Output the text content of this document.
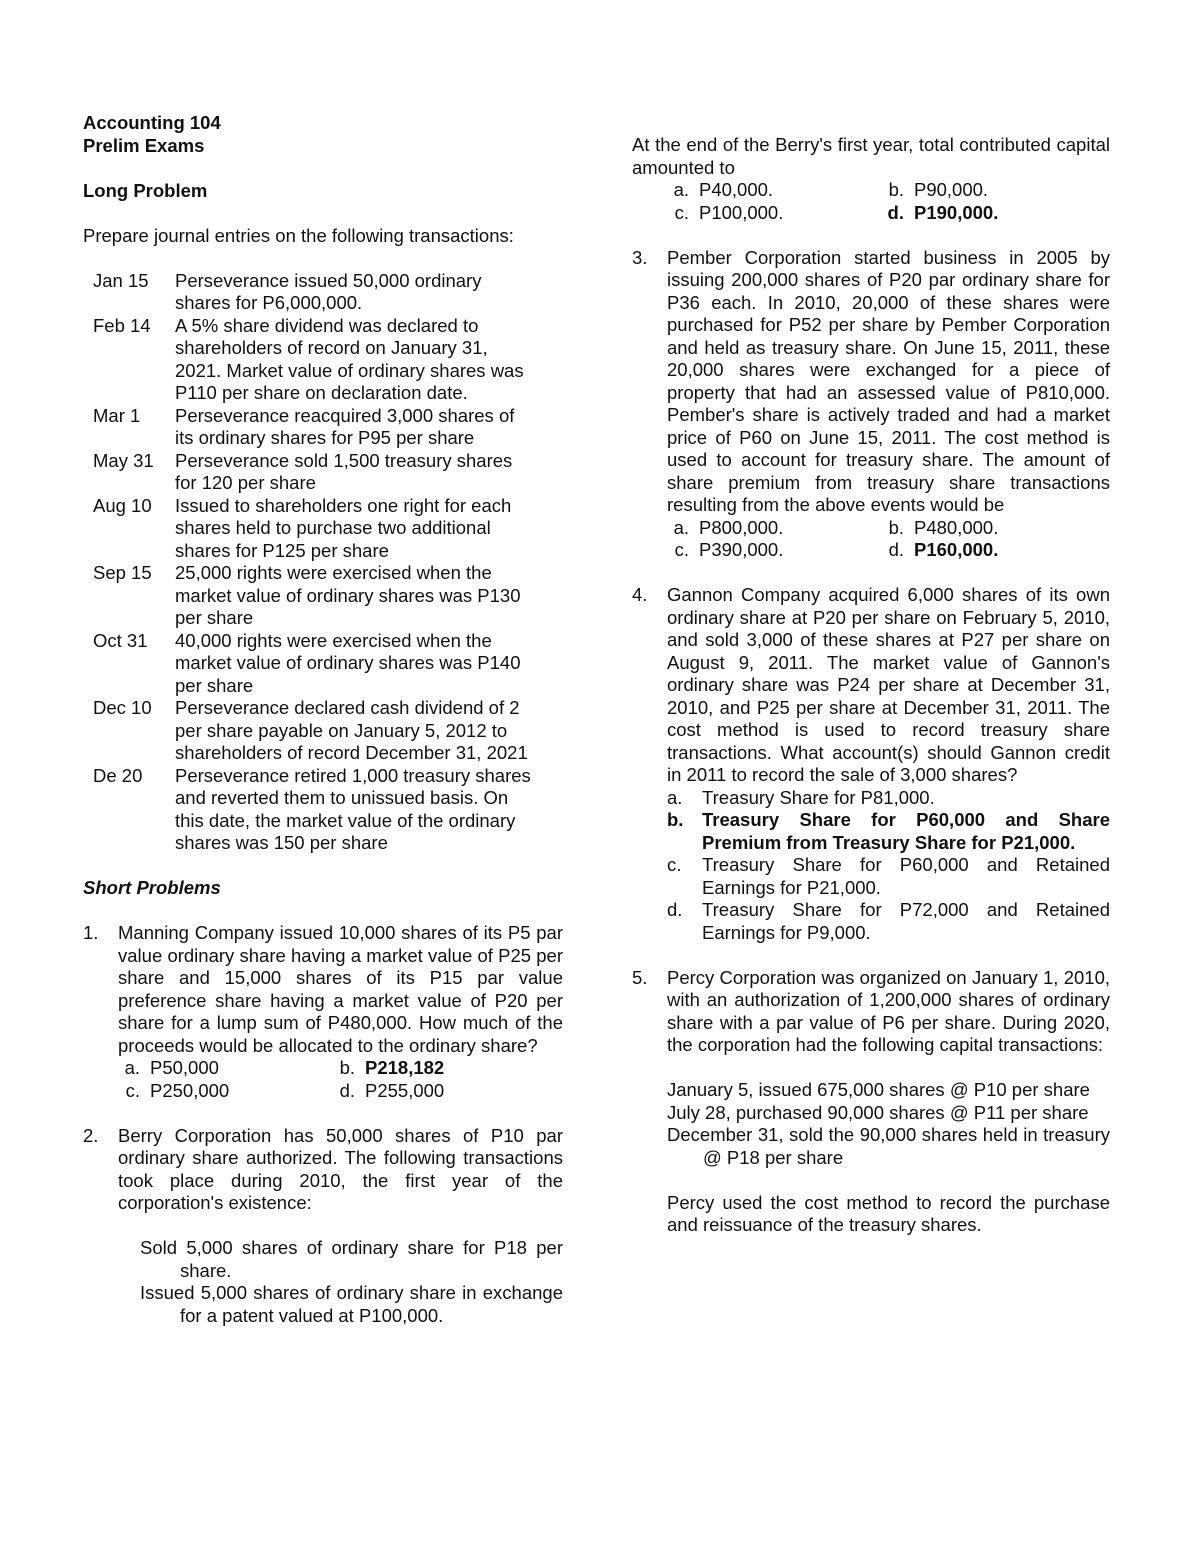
Accounting 104
Prelim Exams
Long Problem
Prepare journal entries on the following transactions:
Jan 15	Perseverance issued 50,000 ordinary shares for P6,000,000.
Feb 14	A 5% share dividend was declared to shareholders of record on January 31, 2021. Market value of ordinary shares was P110 per share on declaration date.
Mar 1	Perseverance reacquired 3,000 shares of its ordinary shares for P95 per share
May 31	Perseverance sold 1,500 treasury shares for 120 per share
Aug 10	Issued to shareholders one right for each shares held to purchase two additional shares for P125 per share
Sep 15	25,000 rights were exercised when the market value of ordinary shares was P130 per share
Oct 31	40,000 rights were exercised when the market value of ordinary shares was P140 per share
Dec 10	Perseverance declared cash dividend of 2 per share payable on January 5, 2012 to shareholders of record December 31, 2021
De 20	Perseverance retired 1,000 treasury shares and reverted them to unissued basis. On this date, the market value of the ordinary shares was 150 per share
Short Problems
1.	Manning Company issued 10,000 shares of its P5 par value ordinary share having a market value of P25 per share and 15,000 shares of its P15 par value preference share having a market value of P20 per share for a lump sum of P480,000. How much of the proceeds would be allocated to the ordinary share?
a. P50,000	b. P218,182
c. P250,000	d. P255,000
2.	Berry Corporation has 50,000 shares of P10 par ordinary share authorized. The following transactions took place during 2010, the first year of the corporation's existence:
Sold 5,000 shares of ordinary share for P18 per share.
Issued 5,000 shares of ordinary share in exchange for a patent valued at P100,000.
At the end of the Berry's first year, total contributed capital amounted to
a. P40,000.	b. P90,000.
c. P100,000.	d. P190,000.
3.	Pember Corporation started business in 2005 by issuing 200,000 shares of P20 par ordinary share for P36 each. In 2010, 20,000 of these shares were purchased for P52 per share by Pember Corporation and held as treasury share. On June 15, 2011, these 20,000 shares were exchanged for a piece of property that had an assessed value of P810,000. Pember's share is actively traded and had a market price of P60 on June 15, 2011. The cost method is used to account for treasury share. The amount of share premium from treasury share transactions resulting from the above events would be
a. P800,000.	b. P480,000.
c. P390,000.	d. P160,000.
4.	Gannon Company acquired 6,000 shares of its own ordinary share at P20 per share on February 5, 2010, and sold 3,000 of these shares at P27 per share on August 9, 2011. The market value of Gannon's ordinary share was P24 per share at December 31, 2010, and P25 per share at December 31, 2011. The cost method is used to record treasury share transactions. What account(s) should Gannon credit in 2011 to record the sale of 3,000 shares?
a.	Treasury Share for P81,000.
b.	Treasury Share for P60,000 and Share Premium from Treasury Share for P21,000.
c.	Treasury Share for P60,000 and Retained Earnings for P21,000.
d.	Treasury Share for P72,000 and Retained Earnings for P9,000.
5.	Percy Corporation was organized on January 1, 2010, with an authorization of 1,200,000 shares of ordinary share with a par value of P6 per share. During 2020, the corporation had the following capital transactions:
January 5, issued 675,000 shares @ P10 per share
July 28, purchased 90,000 shares @ P11 per share
December 31, sold the 90,000 shares held in treasury @ P18 per share
Percy used the cost method to record the purchase and reissuance of the treasury shares.
